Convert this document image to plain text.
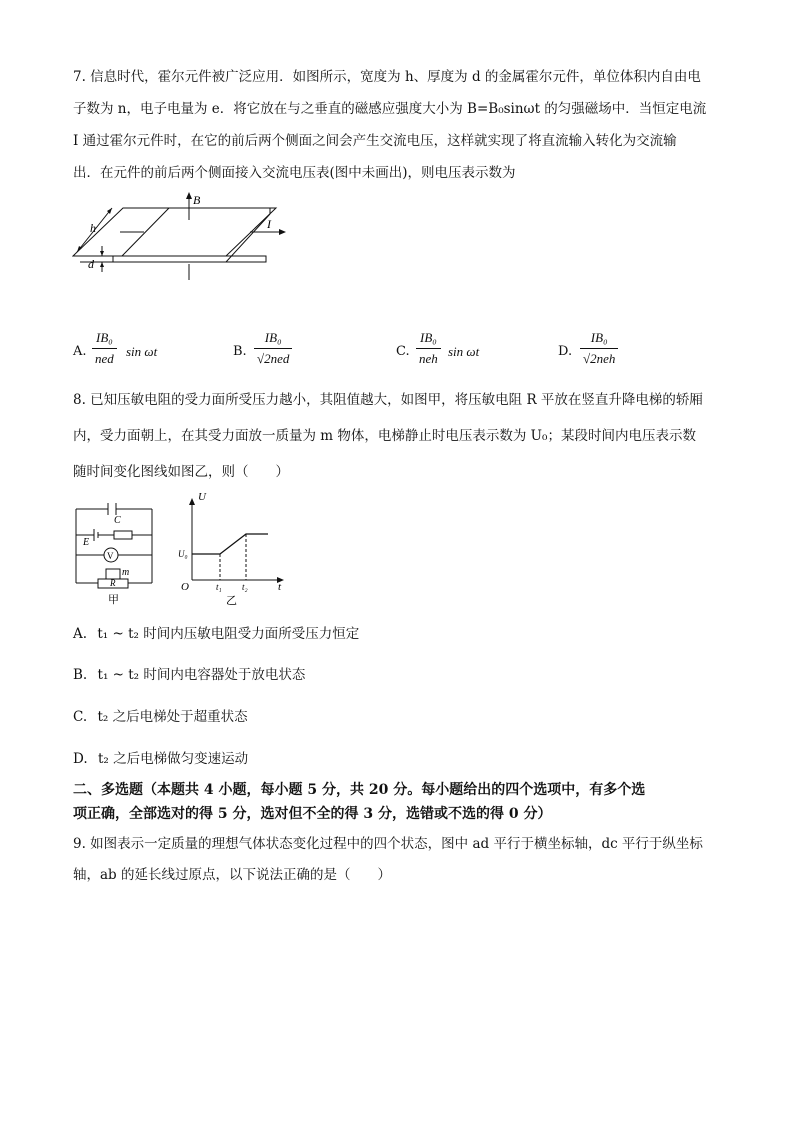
7. 信息时代，霍尔元件被广泛应用．如图所示，宽度为 h、厚度为 d 的金属霍尔元件，单位体积内自由电
子数为 n，电子电量为 e．将它放在与之垂直的磁感应强度大小为 B=B₀sinωt 的匀强磁场中．当恒定电流
I 通过霍尔元件时，在它的前后两个侧面之间会产生交流电压，这样就实现了将直流输入转化为交流输
出．在元件的前后两个侧面接入交流电压表(图中未画出)，则电压表示数为
B
I
h
d
A.
IB₀
ned sin ωt	B.
IB₀
√2ned	C.
IB₀
neh sin ωt	D.
IB₀
√2neh
8. 已知压敏电阻的受力面所受压力越小，其阻值越大，如图甲，将压敏电阻 R 平放在竖直升降电梯的轿厢
内，受力面朝上，在其受力面放一质量为 m 物体，电梯静止时电压表示数为 U₀；某段时间内电压表示数
随时间变化图线如图乙，则（　　）
C
E
V
R
m
甲
U
U₀
O	t₁ t₂	t
乙
A. t₁ ~ t₂ 时间内压敏电阻受力面所受压力恒定
B. t₁ ~ t₂ 时间内电容器处于放电状态
C. t₂ 之后电梯处于超重状态
D. t₂ 之后电梯做匀变速运动
二、多选题（本题共 4 小题，每小题 5 分，共 20 分。每小题给出的四个选项中，有多个选
项正确，全部选对的得 5 分，选对但不全的得 3 分，选错或不选的得 0 分）
9. 如图表示一定质量的理想气体状态变化过程中的四个状态，图中 ad 平行于横坐标轴，dc 平行于纵坐标
轴，ab 的延长线过原点，以下说法正确的是（　　）
